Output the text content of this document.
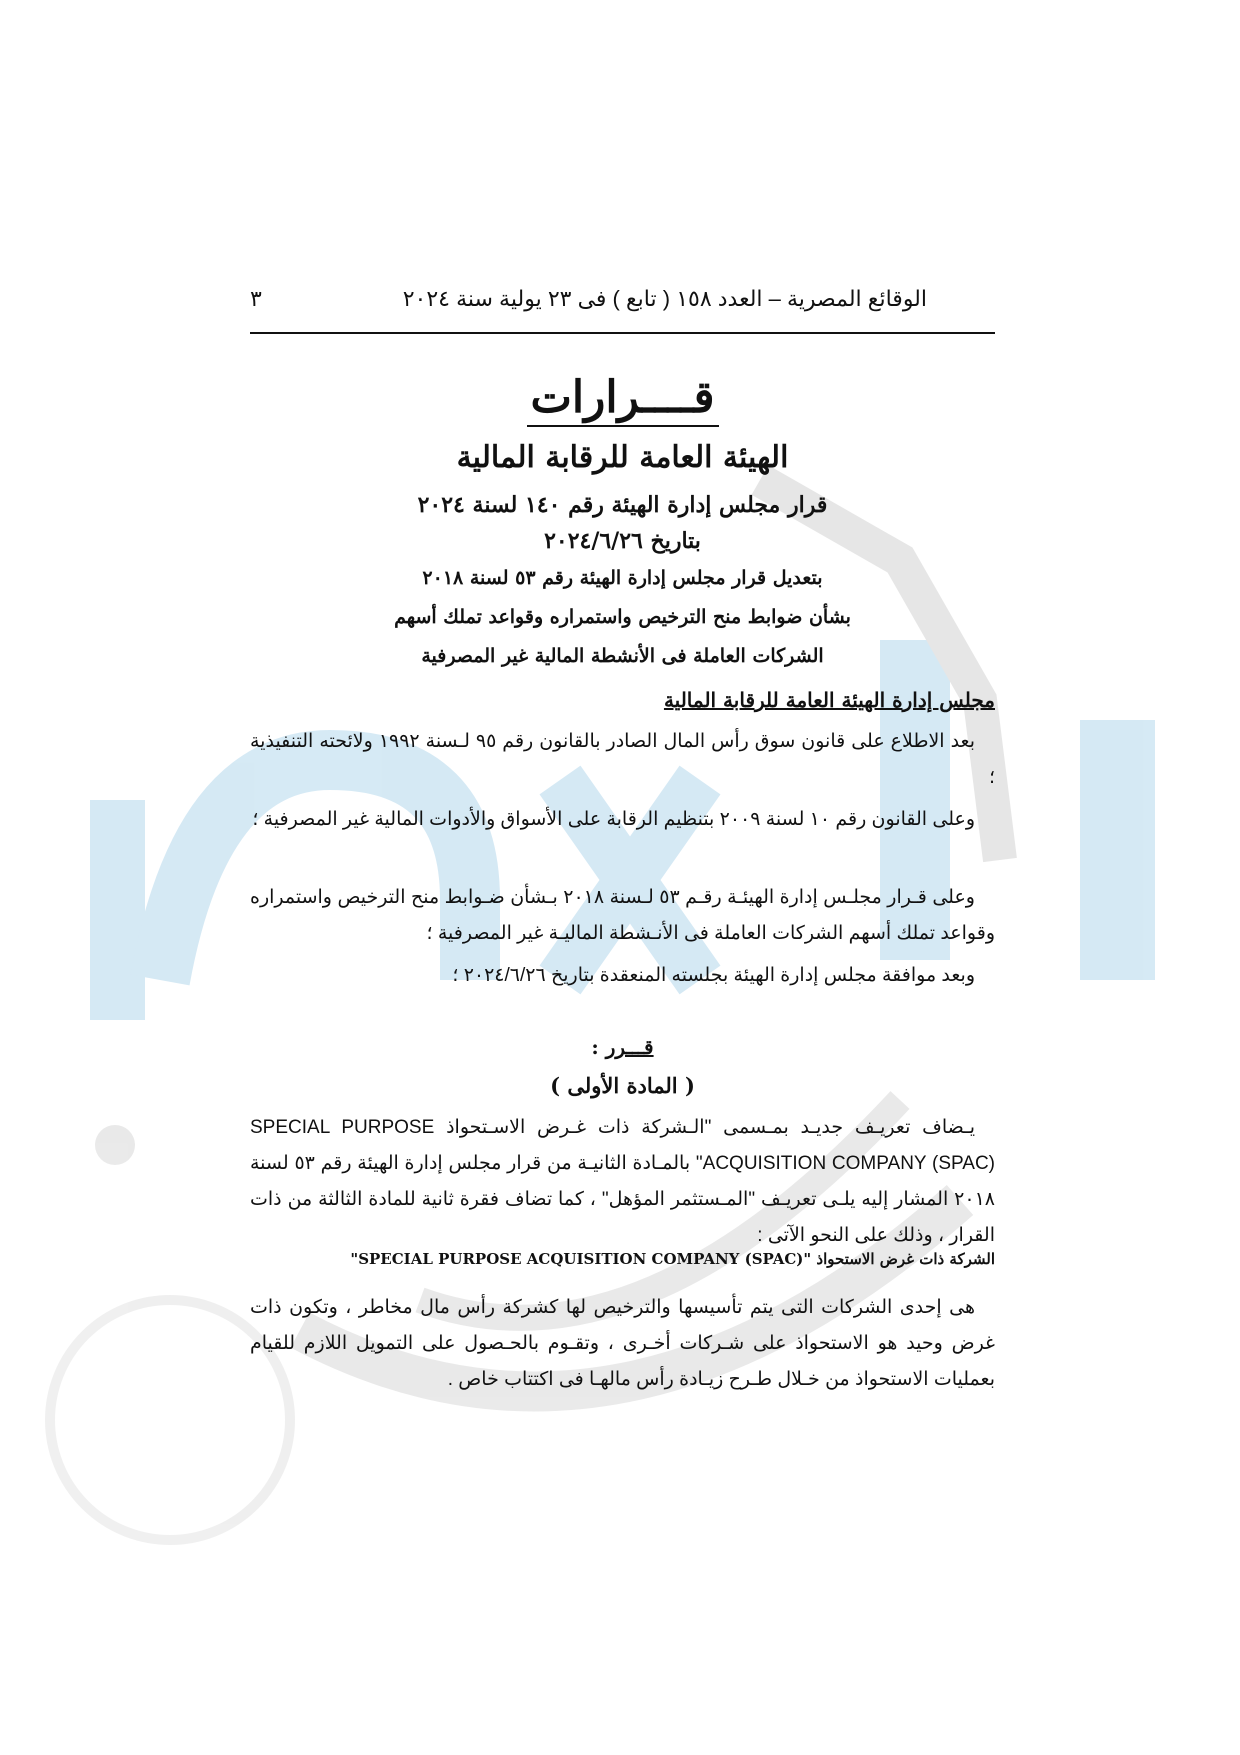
الوقائع المصرية – العدد ١٥٨ ( تابع ) فى ٢٣ يولية سنة ٢٠٢٤
٣
قــــرارات
الهيئة العامة للرقابة المالية
قرار مجلس إدارة الهيئة رقم ١٤٠ لسنة ٢٠٢٤
بتاريخ ٢٠٢٤/٦/٢٦
بتعديل قرار مجلس إدارة الهيئة رقم ٥٣ لسنة ٢٠١٨
بشأن ضوابط منح الترخيص واستمراره وقواعد تملك أسهم
الشركات العاملة فى الأنشطة المالية غير المصرفية
مجلس إدارة الهيئة العامة للرقابة المالية
بعد الاطلاع على قانون سوق رأس المال الصادر بالقانون رقم ٩٥ لـسنة ١٩٩٢ ولائحته التنفيذية ؛
وعلى القانون رقم ١٠ لسنة ٢٠٠٩ بتنظيم الرقابة على الأسواق والأدوات المالية غير المصرفية ؛
وعلى قـرار مجلـس إدارة الهيئـة رقـم ٥٣ لـسنة ٢٠١٨ بـشأن ضـوابط منح الترخيص واستمراره وقواعد تملك أسهم الشركات العاملة فى الأنـشطة الماليـة غير المصرفية ؛
وبعد موافقة مجلس إدارة الهيئة بجلسته المنعقدة بتاريخ ٢٠٢٤/٦/٢٦ ؛
قـــرر :
( المادة الأولى )
يـضاف تعريـف جديـد بمـسمى "الـشركة ذات غـرض الاسـتحواذ SPECIAL PURPOSE ACQUISITION COMPANY (SPAC)" بالمـادة الثانيـة من قرار مجلس إدارة الهيئة رقم ٥٣ لسنة ٢٠١٨ المشار إليه يلـى تعريـف "المـستثمر المؤهل" ، كما تضاف فقرة ثانية للمادة الثالثة من ذات القرار ، وذلك على النحو الآتى :
الشركة ذات غرض الاستحواذ "SPECIAL PURPOSE ACQUISITION COMPANY (SPAC)"
هى إحدى الشركات التى يتم تأسيسها والترخيص لها كشركة رأس مال مخاطر ، وتكون ذات غرض وحيد هو الاستحواذ على شـركات أخـرى ، وتقـوم بالحـصول على التمويل اللازم للقيام بعمليات الاستحواذ من خـلال طـرح زيـادة رأس مالهـا فى اكتتاب خاص .
